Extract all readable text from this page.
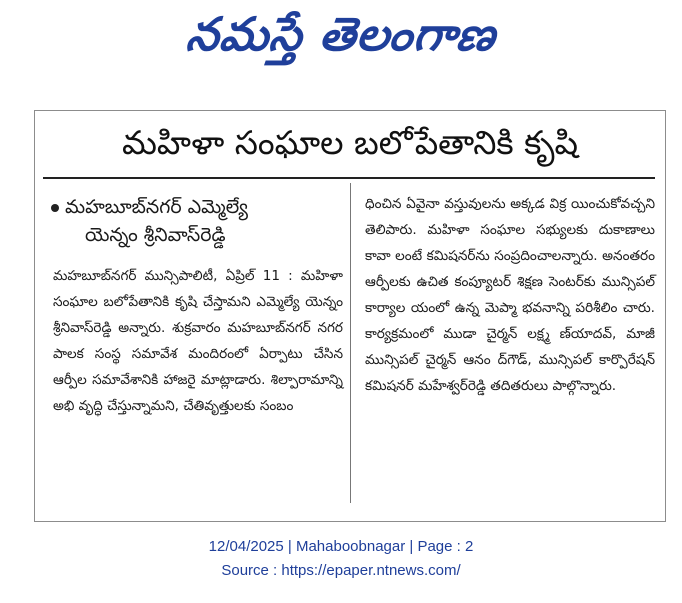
నమస్తే తెలంగాణ
మహిళా సంఘాల బలోపేతానికి కృషి
మహబూబ్‌నగర్ ఎమ్మెల్యే
యెన్నం శ్రీనివాస్‌రెడ్డి
మహబూబ్‌నగర్ మున్సిపాలిటీ, ఏప్రిల్ 11 : మహిళా సంఘాల బలోపేతానికి కృషి చేస్తామని ఎమ్మెల్యే యెన్నం శ్రీనివాస్‌రెడ్డి అన్నారు. శుక్రవారం మహబూబ్‌నగర్ నగర పాలక సంస్థ సమావేశ మందిరంలో ఏర్పాటు చేసిన ఆర్పీల సమావేశానికి హాజరై మాట్లాడారు. శిల్పారామాన్ని అభి వృద్ధి చేస్తున్నామని, చేతివృత్తులకు సంబం
ధించిన ఏవైనా వస్తువులను అక్కడ విక్ర యించుకోవచ్చని తెలిపారు. మహిళా సంఘాల సభ్యులకు దుకాణాలు కావా లంటే కమిషనర్‌ను సంప్రదించాలన్నారు. అనంతరం ఆర్పీలకు ఉచిత కంప్యూటర్ శిక్షణ సెంటర్‌కు మున్సిపల్ కార్యాల యంలో ఉన్న మెప్మా భవనాన్ని పరిశీలిం చారు. కార్యక్రమంలో ముడా చైర్మన్ లక్ష్మ ణ్‌యాదవ్, మాజీ మున్సిపల్ చైర్మన్ ఆనం ద్‌గౌడ్, మున్సిపల్ కార్పొరేషన్ కమిషనర్ మహేశ్వర్‌రెడ్డి తదితరులు పాల్గొన్నారు.
12/04/2025 | Mahaboobnagar | Page : 2
Source : https://epaper.ntnews.com/
